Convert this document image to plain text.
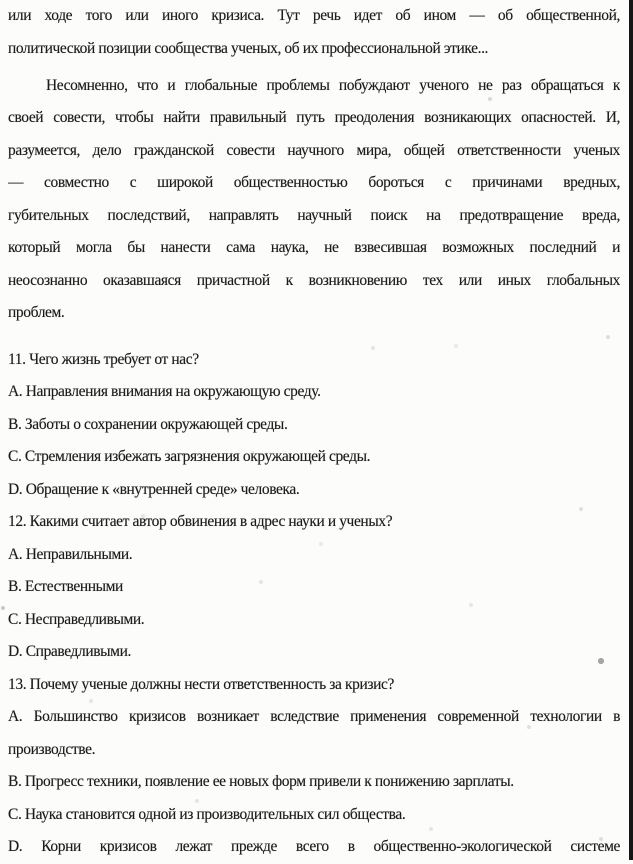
или ходе того или иного кризиса. Тут речь идет об ином — об общественной,
политической позиции сообщества ученых, об их профессиональной этике...
Несомненно, что и глобальные проблемы побуждают ученого не раз обращаться к
своей совести, чтобы найти правильный путь преодоления возникающих опасностей. И,
разумеется, дело гражданской совести научного мира, общей ответственности ученых
— совместно с широкой общественностью бороться с причинами вредных,
губительных последствий, направлять научный поиск на предотвращение вреда,
который могла бы нанести сама наука, не взвесившая возможных последний и
неосознанно оказавшаяся причастной к возникновению тех или иных глобальных
проблем.
11. Чего жизнь требует от нас?
A. Направления внимания на окружающую среду.
B. Заботы о сохранении окружающей среды.
C. Стремления избежать загрязнения окружающей среды.
D. Обращение к «внутренней среде» человека.
12. Какими считает автор обвинения в адрес науки и ученых?
A. Неправильными.
B. Естественными
C. Несправедливыми.
D. Справедливыми.
13. Почему ученые должны нести ответственность за кризис?
A. Большинство кризисов возникает вследствие применения современной технологии в
производстве.
B. Прогресс техники, появление ее новых форм привели к понижению зарплаты.
C. Наука становится одной из производительных сил общества.
D. Корни кризисов лежат прежде всего в общественно-экологической системе
